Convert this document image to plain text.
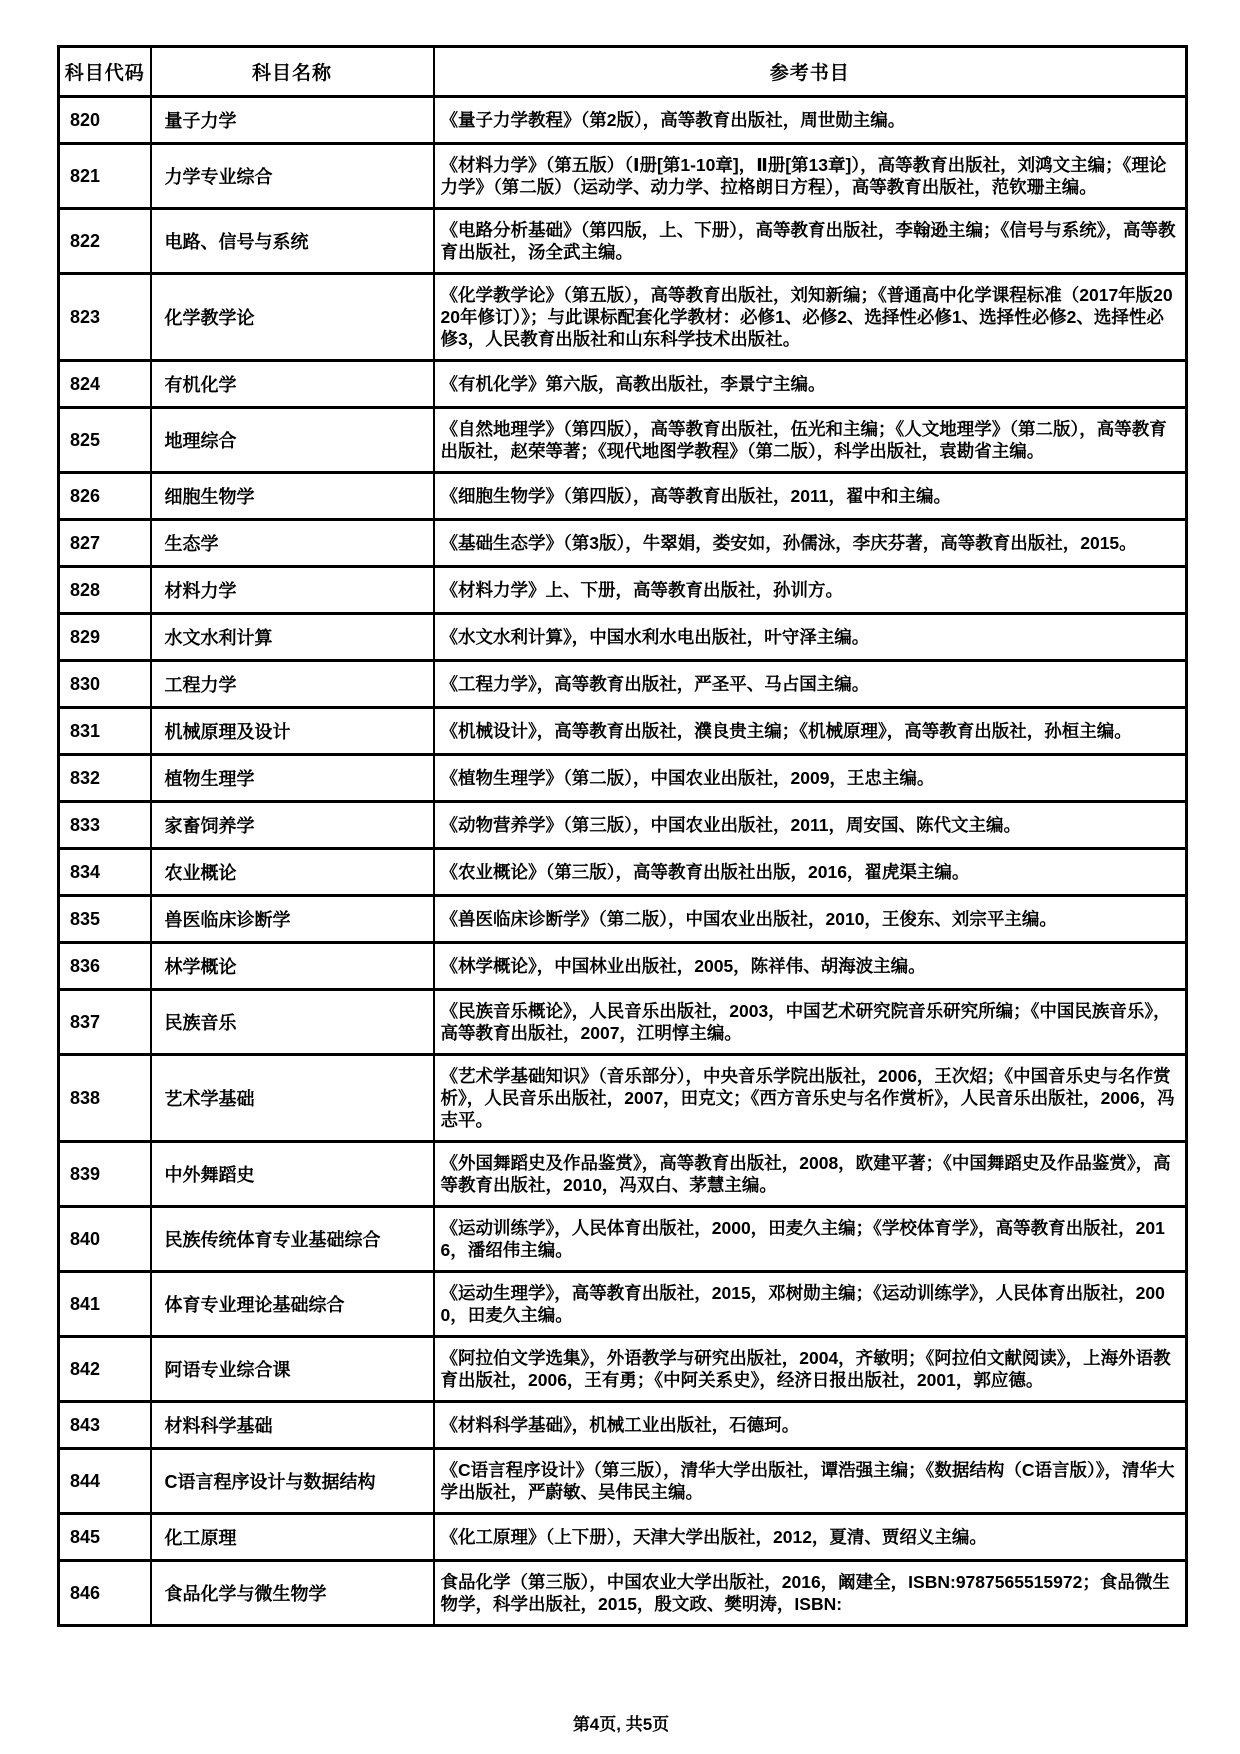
科目代码	科目名称	参考书目
820	量子力学	《量子力学教程》（第2版），高等教育出版社，周世勋主编。
821	力学专业综合	《材料力学》（第五版）（Ⅰ册[第1-10章]，Ⅱ册[第13章]），高等教育出版社，刘鸿文主编；《理论力学》（第二版）（运动学、动力学、拉格朗日方程），高等教育出版社，范钦珊主编。
822	电路、信号与系统	《电路分析基础》（第四版，上、下册），高等教育出版社，李翰逊主编；《信号与系统》，高等教育出版社，汤全武主编。
823	化学教学论	《化学教学论》（第五版），高等教育出版社，刘知新编；《普通高中化学课程标准（2017年版2020年修订）》；与此课标配套化学教材：必修1、必修2、选择性必修1、选择性必修2、选择性必修3，人民教育出版社和山东科学技术出版社。
824	有机化学	《有机化学》第六版，高教出版社，李景宁主编。
825	地理综合	《自然地理学》（第四版），高等教育出版社，伍光和主编；《人文地理学》（第二版），高等教育出版社，赵荣等著；《现代地图学教程》（第二版），科学出版社，袁勘省主编。
826	细胞生物学	《细胞生物学》（第四版），高等教育出版社，2011，翟中和主编。
827	生态学	《基础生态学》（第3版），牛翠娟，娄安如，孙儒泳，李庆芬著，高等教育出版社，2015。
828	材料力学	《材料力学》上、下册，高等教育出版社，孙训方。
829	水文水利计算	《水文水利计算》，中国水利水电出版社，叶守泽主编。
830	工程力学	《工程力学》，高等教育出版社，严圣平、马占国主编。
831	机械原理及设计	《机械设计》，高等教育出版社，濮良贵主编；《机械原理》，高等教育出版社，孙桓主编。
832	植物生理学	《植物生理学》（第二版），中国农业出版社，2009，王忠主编。
833	家畜饲养学	《动物营养学》（第三版），中国农业出版社，2011，周安国、陈代文主编。
834	农业概论	《农业概论》（第三版），高等教育出版社出版，2016，翟虎渠主编。
835	兽医临床诊断学	《兽医临床诊断学》（第二版），中国农业出版社，2010，王俊东、刘宗平主编。
836	林学概论	《林学概论》，中国林业出版社，2005，陈祥伟、胡海波主编。
837	民族音乐	《民族音乐概论》，人民音乐出版社，2003，中国艺术研究院音乐研究所编；《中国民族音乐》，高等教育出版社，2007，江明惇主编。
838	艺术学基础	《艺术学基础知识》（音乐部分），中央音乐学院出版社，2006，王次炤；《中国音乐史与名作赏析》，人民音乐出版社，2007，田克文；《西方音乐史与名作赏析》，人民音乐出版社，2006，冯志平。
839	中外舞蹈史	《外国舞蹈史及作品鉴赏》，高等教育出版社，2008，欧建平著；《中国舞蹈史及作品鉴赏》，高等教育出版社，2010，冯双白、茅慧主编。
840	民族传统体育专业基础综合	《运动训练学》，人民体育出版社，2000，田麦久主编；《学校体育学》，高等教育出版社，2016，潘绍伟主编。
841	体育专业理论基础综合	《运动生理学》，高等教育出版社，2015，邓树勋主编；《运动训练学》，人民体育出版社，2000，田麦久主编。
842	阿语专业综合课	《阿拉伯文学选集》，外语教学与研究出版社，2004，齐敏明；《阿拉伯文献阅读》，上海外语教育出版社，2006，王有勇；《中阿关系史》，经济日报出版社，2001，郭应德。
843	材料科学基础	《材料科学基础》，机械工业出版社，石德珂。
844	C语言程序设计与数据结构	《C语言程序设计》（第三版），清华大学出版社，谭浩强主编；《数据结构（C语言版）》，清华大学出版社，严蔚敏、吴伟民主编。
845	化工原理	《化工原理》（上下册），天津大学出版社，2012，夏清、贾绍义主编。
846	食品化学与微生物学	食品化学（第三版），中国农业大学出版社，2016，阚建全，ISBN:9787565515972；食品微生物学，科学出版社，2015，殷文政、樊明涛，ISBN:
第4页, 共5页
